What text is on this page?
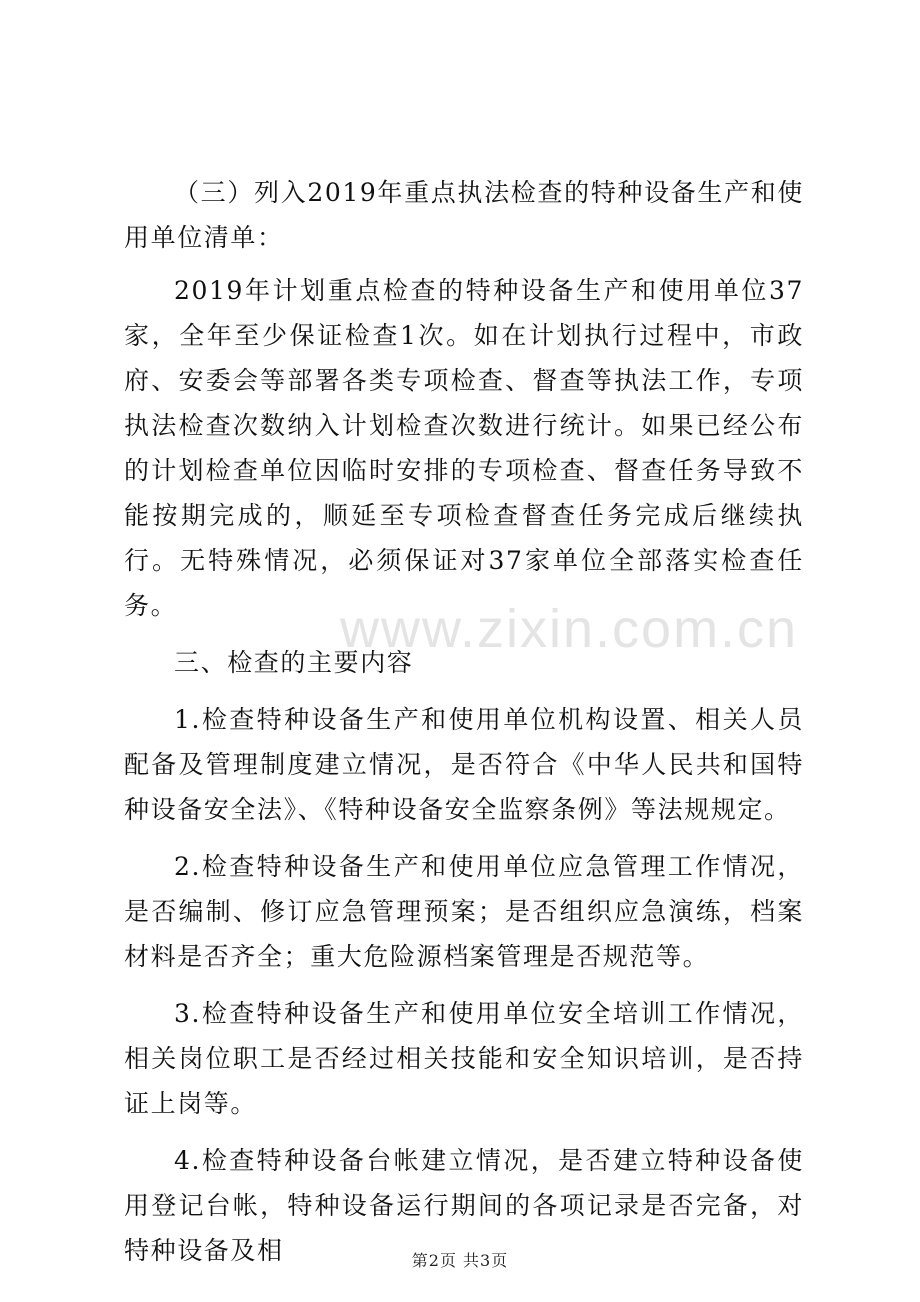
www.zixin.com.cn

（三）列入2019年重点执法检查的特种设备生产和使用单位清单：

2019年计划重点检查的特种设备生产和使用单位37家，全年至少保证检查1次。如在计划执行过程中，市政府、安委会等部署各类专项检查、督查等执法工作，专项执法检查次数纳入计划检查次数进行统计。如果已经公布的计划检查单位因临时安排的专项检查、督查任务导致不能按期完成的，顺延至专项检查督查任务完成后继续执行。无特殊情况，必须保证对37家单位全部落实检查任务。

三、检查的主要内容

1.检查特种设备生产和使用单位机构设置、相关人员配备及管理制度建立情况，是否符合《中华人民共和国特种设备安全法》、《特种设备安全监察条例》等法规规定。

2.检查特种设备生产和使用单位应急管理工作情况，是否编制、修订应急管理预案；是否组织应急演练，档案材料是否齐全；重大危险源档案管理是否规范等。

3.检查特种设备生产和使用单位安全培训工作情况，相关岗位职工是否经过相关技能和安全知识培训，是否持证上岗等。

4.检查特种设备台帐建立情况，是否建立特种设备使用登记台帐，特种设备运行期间的各项记录是否完备，对特种设备及相	第2页 共3页
